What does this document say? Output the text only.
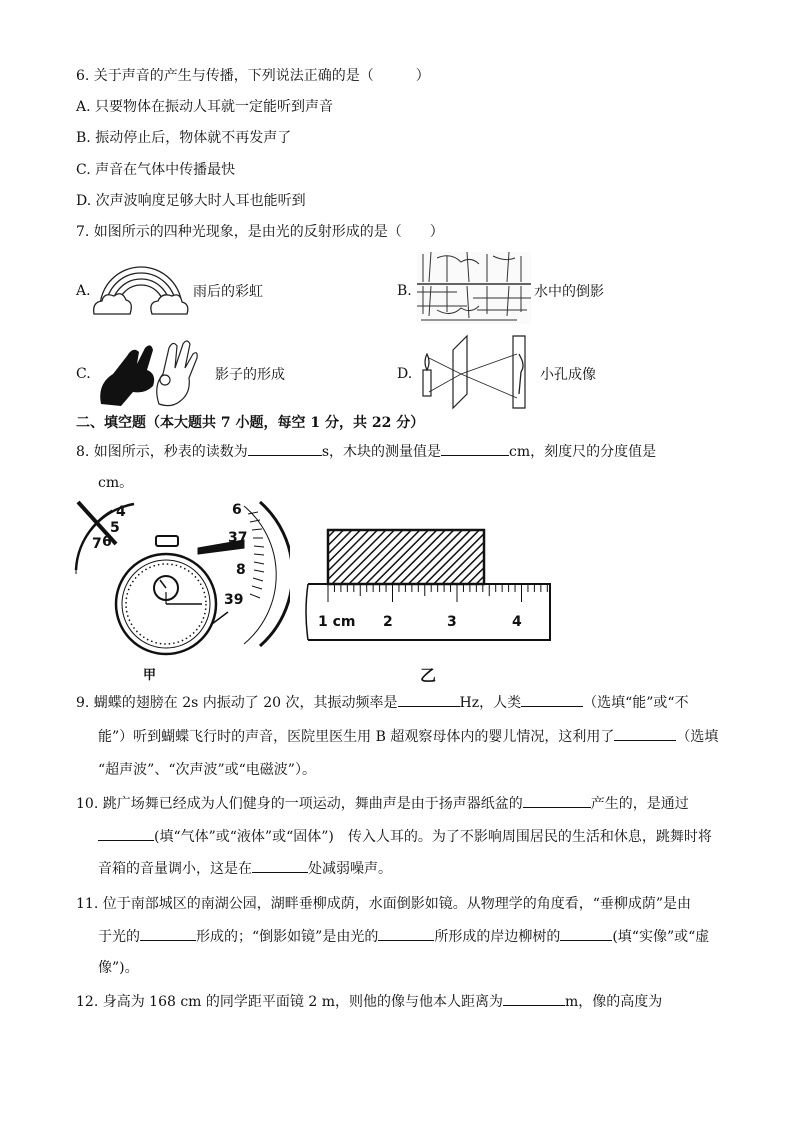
6. 关于声音的产生与传播，下列说法正确的是（　　　）
A. 只要物体在振动人耳就一定能听到声音
B. 振动停止后，物体就不再发声了
C. 声音在气体中传播最快
D. 次声波响度足够大时人耳也能听到
7. 如图所示的四种光现象，是由光的反射形成的是（　　）
A.	雨后的彩虹	B.	水中的倒影
C.	影子的形成	D.	小孔成像
二、填空题（本大题共 7 小题，每空 1 分，共 22 分）
8. 如图所示，秒表的读数为	s，木块的测量值是	cm，刻度尺的分度值是
cm。
4
5
6
7
6
37
8
39
甲
1 cm 2	3	4
乙
9. 蝴蝶的翅膀在 2s 内振动了 20 次，其振动频率是	Hz，人类	（选填“能”或“不
能”）听到蝴蝶飞行时的声音，医院里医生用 B 超观察母体内的婴儿情况，这利用了	（选填
“超声波”、“次声波”或“电磁波”）。
10. 跳广场舞已经成为人们健身的一项运动，舞曲声是由于扬声器纸盆的	产生的，是通过
(填“气体”或“液体”或“固体”)　传入人耳的。为了不影响周围居民的生活和休息，跳舞时将
音箱的音量调小，这是在	处减弱噪声。
11. 位于南部城区的南湖公园，湖畔垂柳成荫，水面倒影如镜。从物理学的角度看，“垂柳成荫”是由
于光的	形成的；“倒影如镜”是由光的	所形成的岸边柳树的	(填“实像”或“虚
像”)。
12. 身高为 168 cm 的同学距平面镜 2 m，则他的像与他本人距离为	m，像的高度为
